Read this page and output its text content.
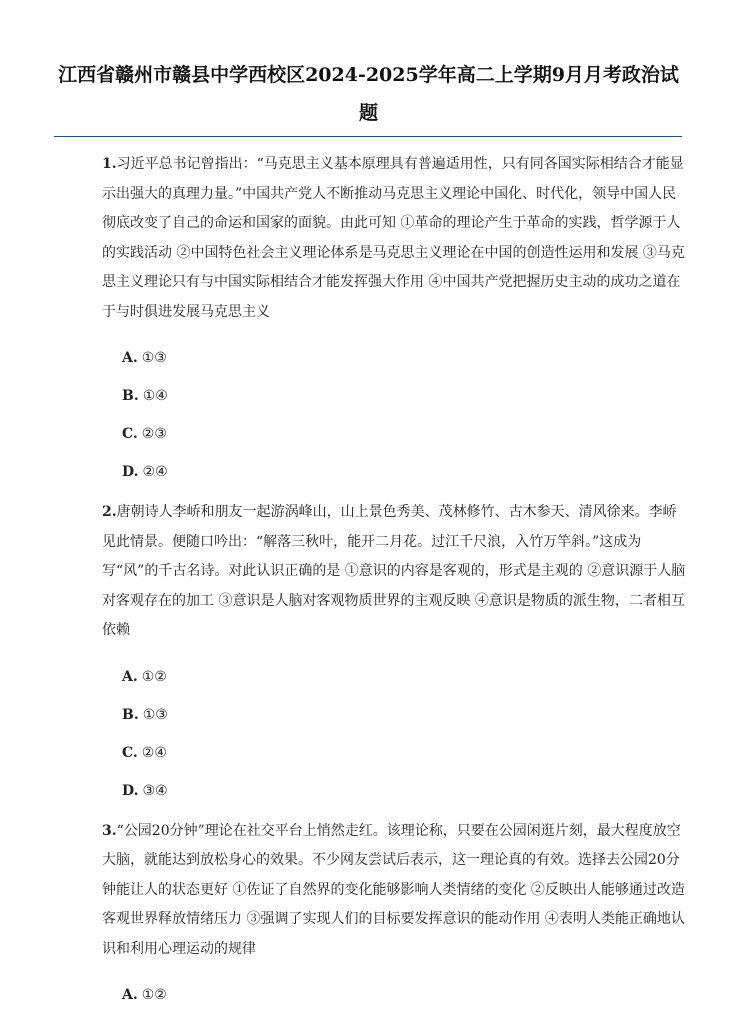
江西省赣州市赣县中学西校区2024-2025学年高二上学期9月月考政治试题

1.习近平总书记曾指出：“马克思主义基本原理具有普遍适用性，只有同各国实际相结合才能显示出强大的真理力量。”中国共产党人不断推动马克思主义理论中国化、时代化，领导中国人民彻底改变了自己的命运和国家的面貌。由此可知 ①革命的理论产生于革命的实践，哲学源于人的实践活动 ②中国特色社会主义理论体系是马克思主义理论在中国的创造性运用和发展 ③马克思主义理论只有与中国实际相结合才能发挥强大作用 ④中国共产党把握历史主动的成功之道在于与时俱进发展马克思主义

A. ①③
B. ①④
C. ②③
D. ②④

2.唐朝诗人李峤和朋友一起游涡峰山，山上景色秀美、茂林修竹、古木参天、清风徐来。李峤见此情景。便随口吟出：“解落三秋叶，能开二月花。过江千尺浪，入竹万竿斜。”这成为写“风”的千古名诗。对此认识正确的是 ①意识的内容是客观的，形式是主观的 ②意识源于人脑对客观存在的加工 ③意识是人脑对客观物质世界的主观反映 ④意识是物质的派生物，二者相互依赖

A. ①②
B. ①③
C. ②④
D. ③④

3.“公园20分钟”理论在社交平台上悄然走红。该理论称，只要在公园闲逛片刻，最大程度放空大脑，就能达到放松身心的效果。不少网友尝试后表示，这一理论真的有效。选择去公园20分钟能让人的状态更好 ①佐证了自然界的变化能够影响人类情绪的变化 ②反映出人能够通过改造客观世界释放情绪压力 ③强调了实现人们的目标要发挥意识的能动作用 ④表明人类能正确地认识和利用心理运动的规律

A. ①②
